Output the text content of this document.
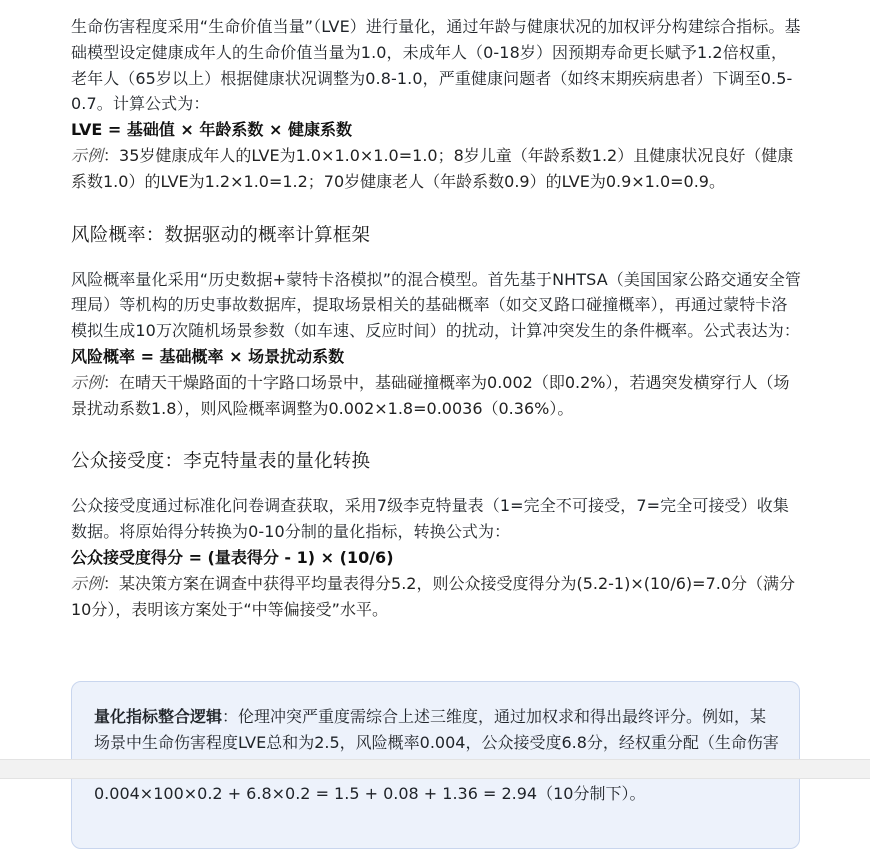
生命伤害程度采用“生命价值当量”（LVE）进行量化，通过年龄与健康状况的加权评分构建综合指标。基础模型设定健康成年人的生命价值当量为1.0，未成年人（0-18岁）因预期寿命更长赋予1.2倍权重，老年人（65岁以上）根据健康状况调整为0.8-1.0，严重健康问题者（如终末期疾病患者）下调至0.5-0.7。计算公式为：

LVE = 基础值 × 年龄系数 × 健康系数

示例：35岁健康成年人的LVE为1.0×1.0×1.0=1.0；8岁儿童（年龄系数1.2）且健康状况良好（健康系数1.0）的LVE为1.2×1.0=1.2；70岁健康老人（年龄系数0.9）的LVE为0.9×1.0=0.9。

风险概率：数据驱动的概率计算框架

风险概率量化采用“历史数据+蒙特卡洛模拟”的混合模型。首先基于NHTSA（美国国家公路交通安全管理局）等机构的历史事故数据库，提取场景相关的基础概率（如交叉路口碰撞概率），再通过蒙特卡洛模拟生成10万次随机场景参数（如车速、反应时间）的扰动，计算冲突发生的条件概率。公式表达为：

风险概率 = 基础概率 × 场景扰动系数

示例：在晴天干燥路面的十字路口场景中，基础碰撞概率为0.002（即0.2%），若遇突发横穿行人（场景扰动系数1.8），则风险概率调整为0.002×1.8=0.0036（0.36%）。

公众接受度：李克特量表的量化转换

公众接受度通过标准化问卷调查获取，采用7级李克特量表（1=完全不可接受，7=完全可接受）收集数据。将原始得分转换为0-10分制的量化指标，转换公式为：

公众接受度得分 = (量表得分 - 1) × (10/6)

示例：某决策方案在调查中获得平均量表得分5.2，则公众接受度得分为(5.2-1)×(10/6)=7.0分（满分10分），表明该方案处于“中等偏接受”水平。

量化指标整合逻辑：伦理冲突严重度需综合上述三维度，通过加权求和得出最终评分。例如，某场景中生命伤害程度LVE总和为2.5，风险概率0.004，公众接受度6.8分，经权重分配（生命伤害 0.004×100×0.2 + 6.8×0.2 = 1.5 + 0.08 + 1.36 = 2.94（10分制下）。
